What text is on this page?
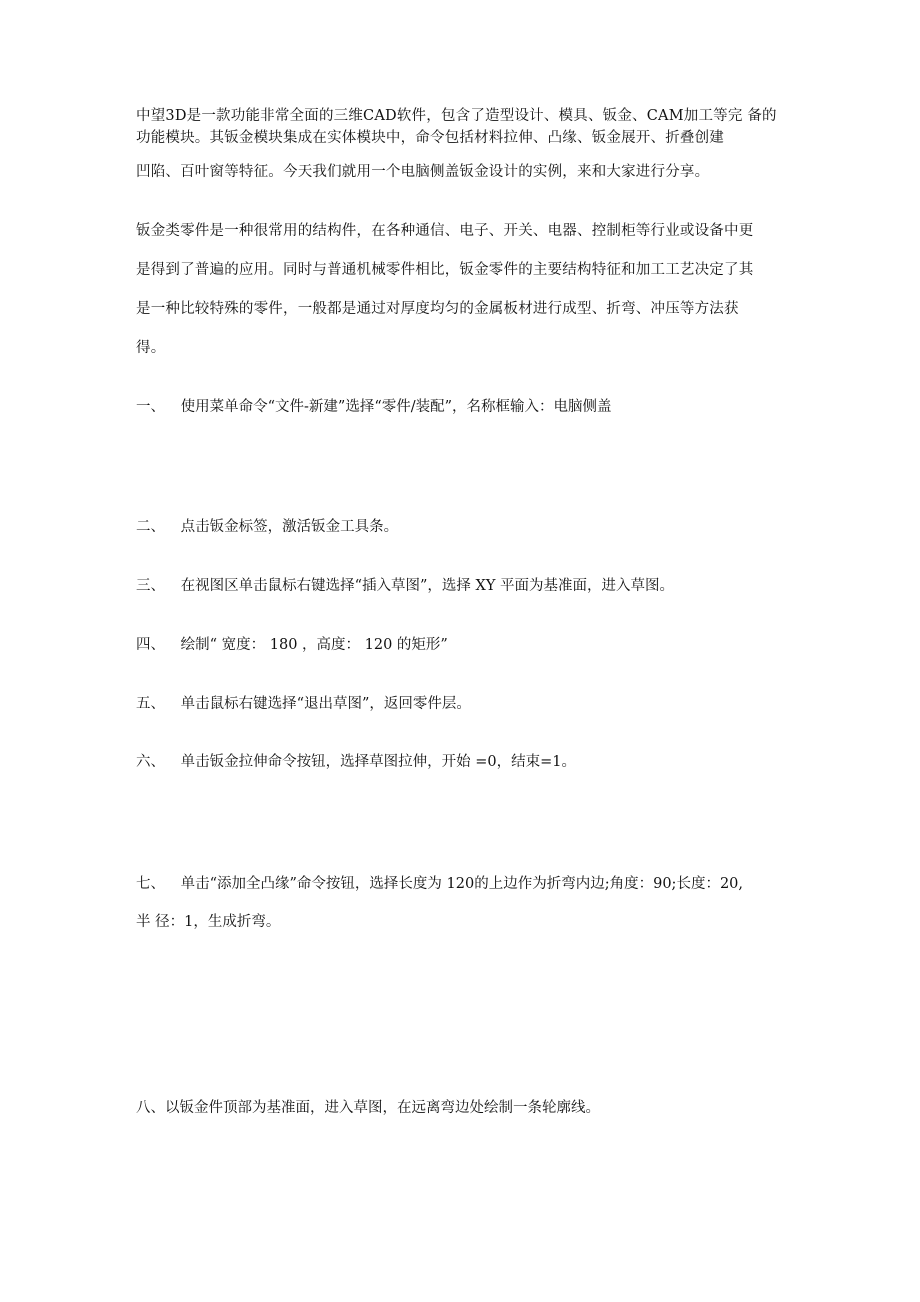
中望3D是一款功能非常全面的三维CAD软件，包含了造型设计、模具、钣金、CAM加工等完 备的
功能模块。其钣金模块集成在实体模块中，命令包括材料拉伸、凸缘、钣金展开、折叠创建
凹陷、百叶窗等特征。今天我们就用一个电脑侧盖钣金设计的实例，来和大家进行分享。
钣金类零件是一种很常用的结构件，在各种通信、电子、开关、电器、控制柜等行业或设备中更
是得到了普遍的应用。同时与普通机械零件相比，钣金零件的主要结构特征和加工工艺决定了其
是一种比较特殊的零件，一般都是通过对厚度均匀的金属板材进行成型、折弯、冲压等方法获
得。
一、 使用菜单命令“文件-新建”选择“零件/装配”，名称框输入：电脑侧盖
二、 点击钣金标签，激活钣金工具条。
三、 在视图区单击鼠标右键选择“插入草图”，选择 XY 平面为基准面，进入草图。
四、 绘制“ 宽度： 180 ，高度： 120 的矩形”
五、 单击鼠标右键选择“退出草图”，返回零件层。
六、 单击钣金拉伸命令按钮，选择草图拉伸，开始 =0，结束=1。
七、 单击“添加全凸缘”命令按钮，选择长度为 120的上边作为折弯内边;角度：90;长度：20,
半 径：1，生成折弯。
八、以钣金件顶部为基准面，进入草图，在远离弯边处绘制一条轮廓线。
